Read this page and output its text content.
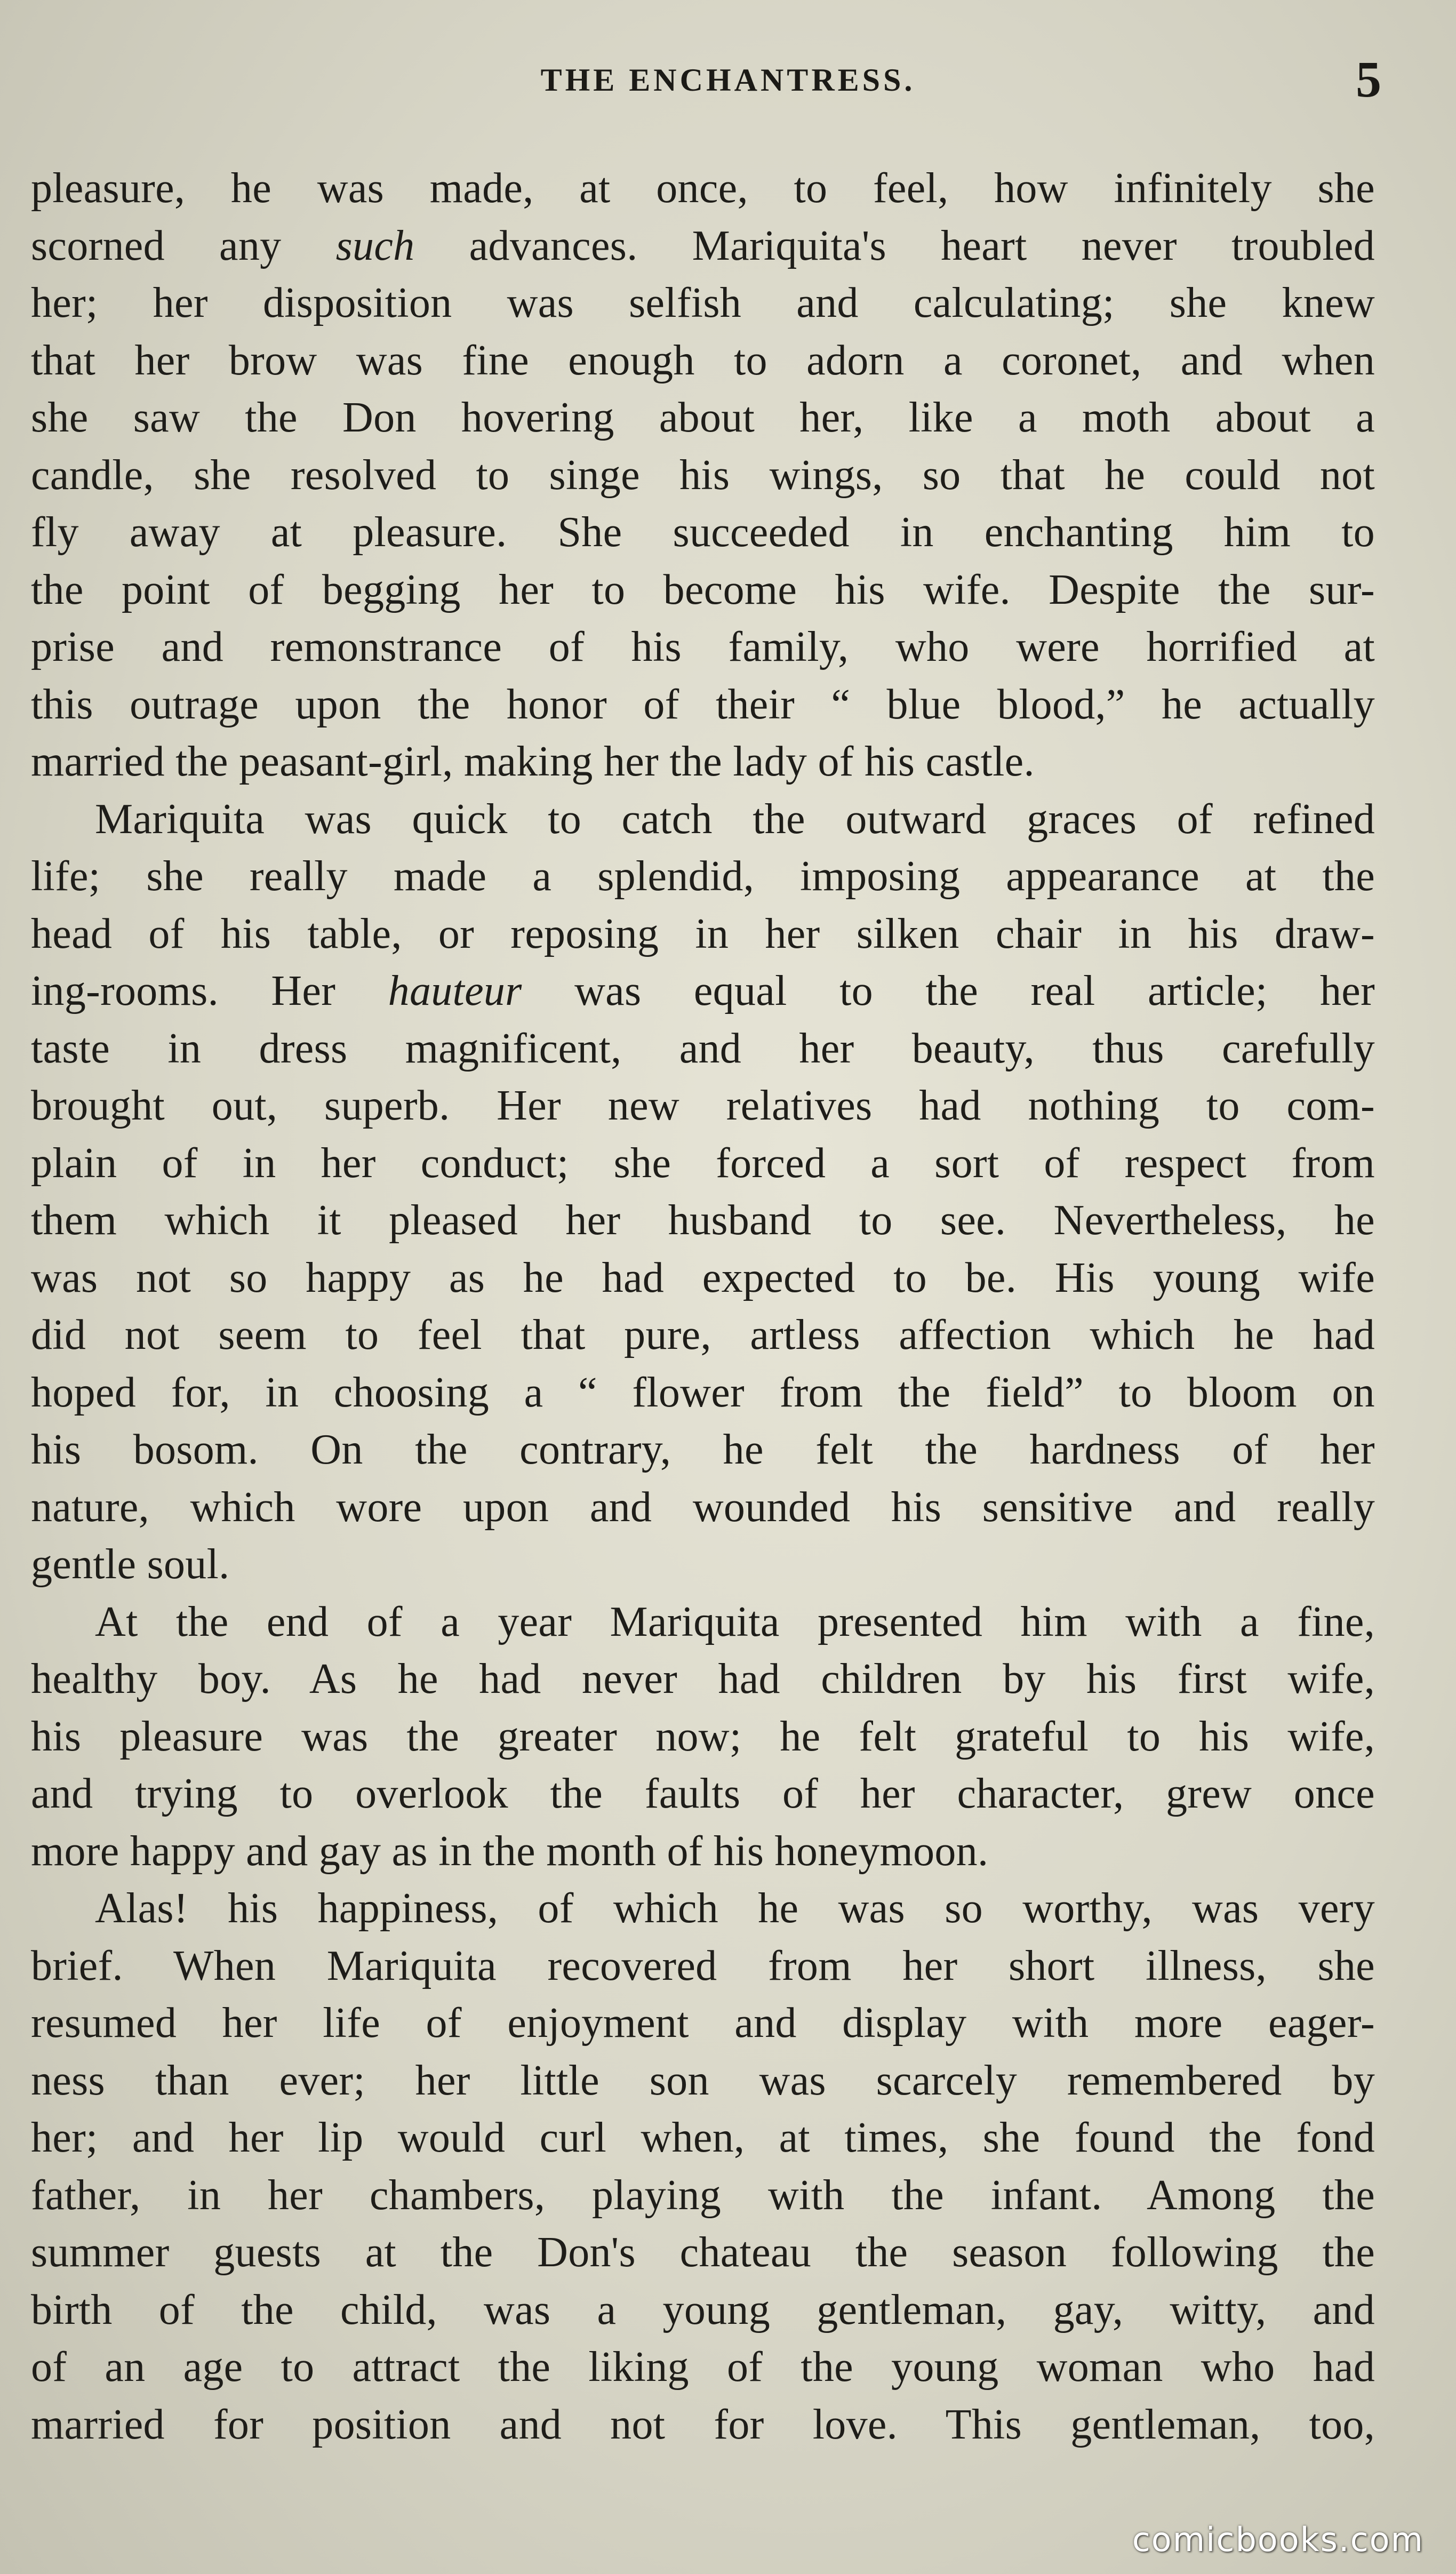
THE ENCHANTRESS.	5
pleasure, he was made, at once, to feel, how infinitely she
scorned any such advances. Mariquita's heart never troubled
her; her disposition was selfish and calculating; she knew
that her brow was fine enough to adorn a coronet, and when
she saw the Don hovering about her, like a moth about a
candle, she resolved to singe his wings, so that he could not
fly away at pleasure. She succeeded in enchanting him to
the point of begging her to become his wife. Despite the sur-
prise and remonstrance of his family, who were horrified at
this outrage upon the honor of their “ blue blood,” he actually
married the peasant-girl, making her the lady of his castle.
Mariquita was quick to catch the outward graces of refined
life; she really made a splendid, imposing appearance at the
head of his table, or reposing in her silken chair in his draw-
ing-rooms. Her hauteur was equal to the real article; her
taste in dress magnificent, and her beauty, thus carefully
brought out, superb. Her new relatives had nothing to com-
plain of in her conduct; she forced a sort of respect from
them which it pleased her husband to see. Nevertheless, he
was not so happy as he had expected to be. His young wife
did not seem to feel that pure, artless affection which he had
hoped for, in choosing a “ flower from the field” to bloom on
his bosom. On the contrary, he felt the hardness of her
nature, which wore upon and wounded his sensitive and really
gentle soul.
At the end of a year Mariquita presented him with a fine,
healthy boy. As he had never had children by his first wife,
his pleasure was the greater now; he felt grateful to his wife,
and trying to overlook the faults of her character, grew once
more happy and gay as in the month of his honeymoon.
Alas! his happiness, of which he was so worthy, was very
brief. When Mariquita recovered from her short illness, she
resumed her life of enjoyment and display with more eager-
ness than ever; her little son was scarcely remembered by
her; and her lip would curl when, at times, she found the fond
father, in her chambers, playing with the infant. Among the
summer guests at the Don's chateau the season following the
birth of the child, was a young gentleman, gay, witty, and
of an age to attract the liking of the young woman who had
married for position and not for love. This gentleman, too,
comicbooks.com
